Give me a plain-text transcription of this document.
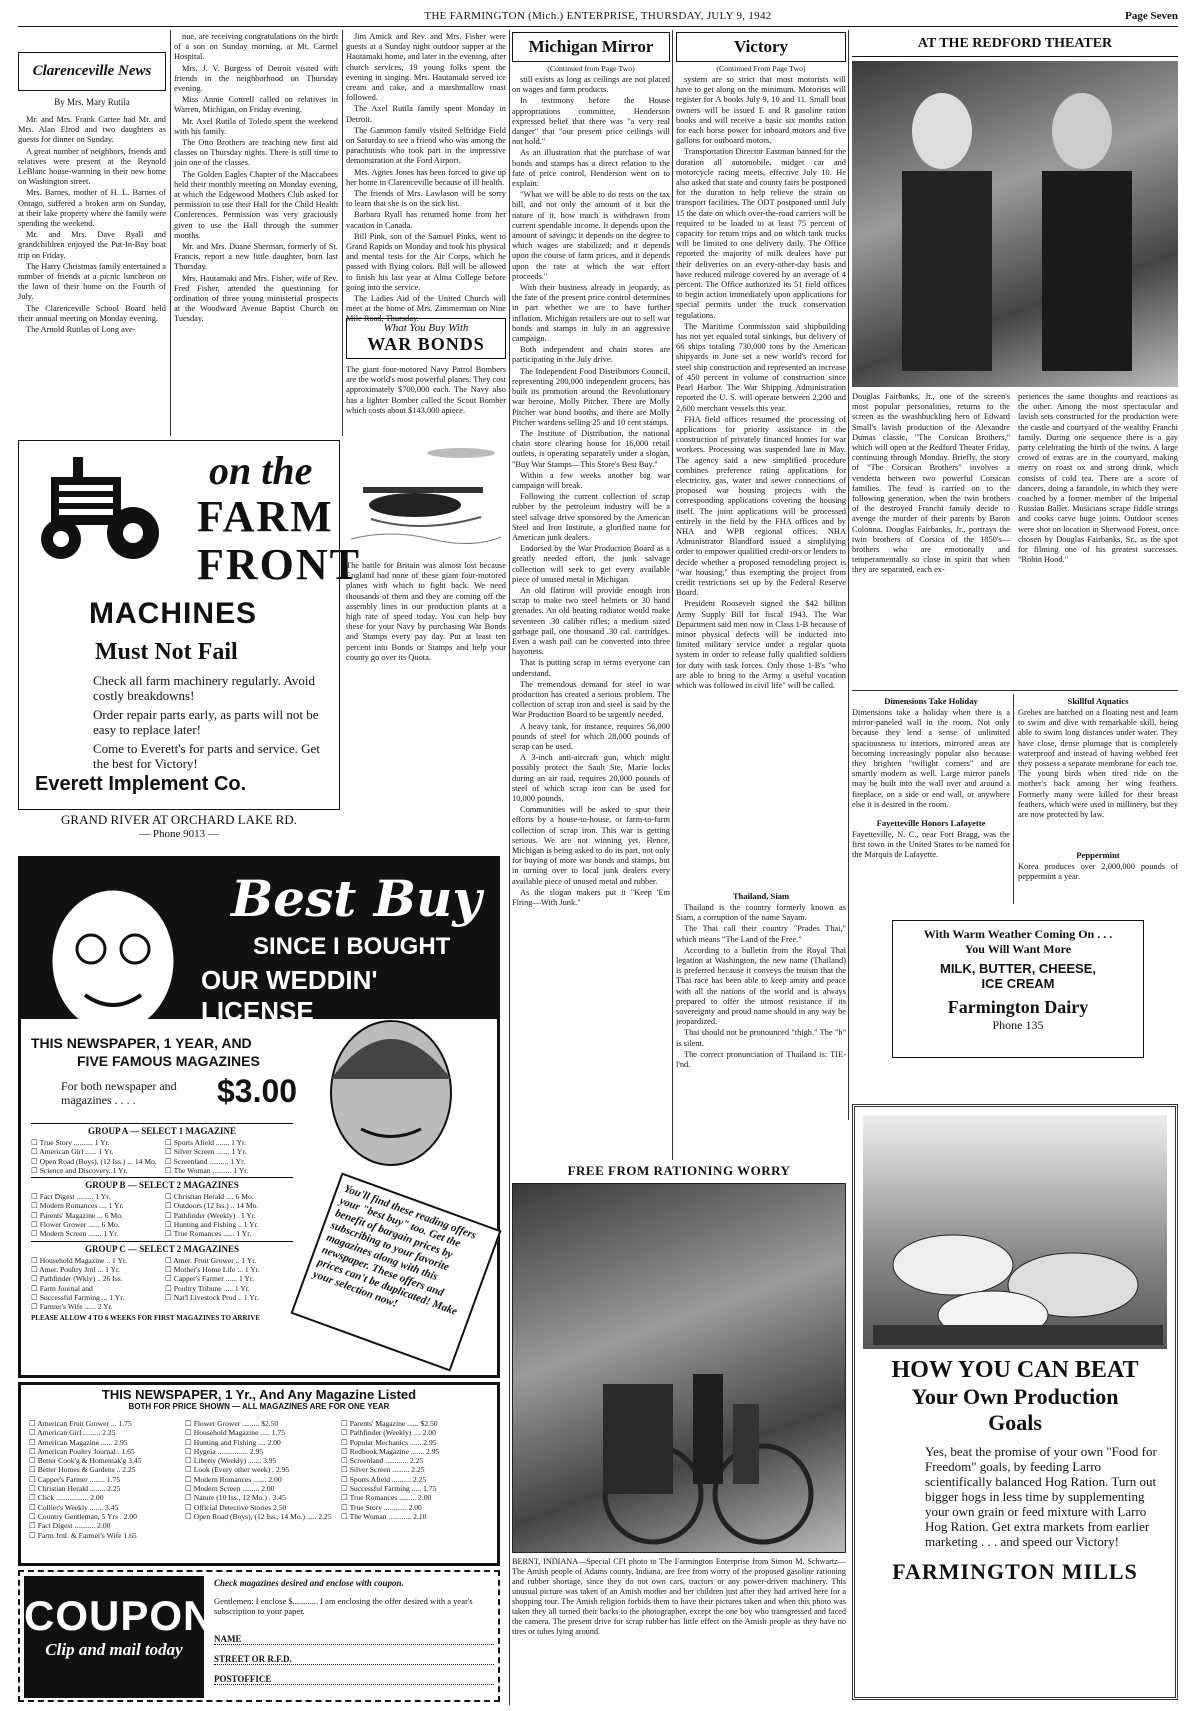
THE FARMINGTON (Mich.) ENTERPRISE, THURSDAY, JULY 9, 1942	Page Seven
Clarenceville News
By Mrs. Mary Rutila

Mr. and Mrs. Frank Cartee had Mr. and Mrs. Alan Elrod and two daughters as guests for dinner on Sunday.

A great number of neighbors, friends and relatives were present at the Reynold LeBlanc house-warming in their new home on Washington street.

Mrs. Barnes, mother of H. L. Barnes of Ontago, suffered a broken arm on Sunday, at their lake property where the family were spending the weekend.

Mr. and Mrs. Dave Ryall and grandchildren enjoyed the Put-In-Bay boat trip on Friday.

The Harry Christmas family entertained a number of friends at a picnic luncheon on the lawn of their home on the Fourth of July.

The Clarenceville School Board held their annual meeting on Monday evening.

The Arnold Rutilas of Long ave-

nue, are receiving congratulations on the birth of a son on Sunday morning, at Mt. Carmel Hospital.

Mrs. J. V. Burgess of Detroit visited with friends in the neighborhood on Thursday evening.

Miss Annie Cottrell called on relatives in Warren, Michigan, on Friday evening.

Mr. Axel Rutila of Toledo spent the weekend with his family.

The Otto Brothers are teaching new first aid classes on Thursday nights. There is still time to join one of the classes.

The Golden Eagles Chapter of the Maccabees held their monthly meeting on Monday evening, at which the Edgewood Mothers Club asked for permission to use their Hall for the Child Health Conferences. Permission was very graciously given to use the Hall through the summer months.

Mr. and Mrs. Duane Sherman, formerly of St. Francis, report a new little daughter, born last Thursday.

Mrs. Hautamaki and Mrs. Fisher, wife of Rev. Fred Fisher, attended the questioning for ordination of three young ministerial prospects at the Woodward Avenue Baptist Church on Tuesday.

Jim Amick and Rev. and Mrs. Fisher were guests at a Sunday night outdoor supper at the Hautamaki home, and later in the evening, after church services, 19 young folks spent the evening in singing. Mrs. Hautamaki served ice cream and cake, and a marshmallow roast followed.

The Axel Rutila family spent Monday in Detroit.

The Gammon family visited Selfridge Field on Saturday to see a friend who was among the parachutists who took part in the impressive demonstration at the Ford Airport.

Mrs. Agnes Jones has been forced to give up her home in Clarenceville because of ill health.

The friends of Mrs. Lawlason will be sorry to learn that she is on the sick list.

Barbara Ryall has returned home from her vacation in Canada.

Bill Pink, son of the Samuel Pinks, went to Grand Rapids on Monday and took his physical and mental tests for the Air Corps, which he passed with flying colors. Bill will be allowed to finish his last year at Alma College before going into the service.

The Ladies Aid of the United Church will meet at the home of Mrs. Zimmerman on Nine Mile Road, Thursday.

on the
FARM
FRONT
MACHINES
Must Not Fail
Check all farm machinery regularly. Avoid costly breakdowns!
Order repair parts early, as parts will not be easy to replace later!
Come to Everett's for parts and service. Get the best for Victory!
Everett Implement Co.
GRAND RIVER AT ORCHARD LAKE RD.
— Phone 9013 —
What You Buy With
WAR BONDS
The giant four-motored Navy Patrol Bombers are the world's most powerful planes. They cost approximately $700,000 each. The Navy also has a lighter Bomber called the Scout Bomber which costs about $143,000 apiece.
The battle for Britain was almost lost because England had none of these giant four-motored planes with which to fight back. We need thousands of them and they are coming off the assembly lines in our production plants at a high rate of speed today. You can help buy these for your Navy by purchasing War Bonds and Stamps every pay day. Put at least ten percent into Bonds or Stamps and help your county go over its Quota.
Michigan Mirror
(Continued from Page Two)

still exists as long as ceilings are not placed on wages and farm products.

In testimony before the House appropriations committee, Henderson expressed belief that there was "a very real danger" that "our present price ceilings will not hold."

As an illustration that the purchase of war bonds and stamps has a direct relation to the fate of price control, Henderson went on to explain:

"What we will be able to do rests on the tax bill, and not only the amount of it but the nature of it, how much is withdrawn from current spendable income. It depends upon the amount of savings; it depends on the degree to which wages are stabilized; and it depends upon the course of farm prices, and it depends upon the rate at which the war effort proceeds."

With their business already in jeopardy, as the fate of the present price control determines in part whether we are to have further inflation, Michigan retailers are out to sell war bonds and stamps in July in an aggressive campaign.

Both independent and chain stores are participating in the July drive.

The Independent Food Distributors Council, representing 200,000 independent grocers, has built its promotion around the Revolutionary war heroine, Molly Pitcher. There are Molly Pitcher war bond booths, and there are Molly Pitcher wardens selling 25 and 10 cent stamps.

The Institute of Distribution, the national chain store clearing house for 16,000 retail outlets, is operating separately under a slogan, "Buy War Stamps—This Store's Best Buy."

Within a few weeks another big war campaign will break.

Following the current collection of scrap rubber by the petroleum industry will be a steel salvage drive sponsored by the American Steel and Iron Institute, a glorified name for American junk dealers.

Endorsed by the War Production Board as a greatly needed effort, the junk salvage collection will seek to get every available piece of unused metal in Michigan.

An old flatiron will provide enough iron scrap to make two steel helmets or 30 hand grenades. An old heating radiator would make seventeen .30 caliber rifles; a medium sized garbage pail, one thousand .30 cal. cartridges. Even a wash pail can be converted into three bayonets.

That is putting scrap in terms everyone can understand.

The tremendous demand for steel in war production has created a serious problem. The collection of scrap iron and steel is said by the War Production Board to be urgently needed.

A heavy tank, for instance, requires 56,000 pounds of steel for which 28,000 pounds of scrap can be used.

A 3-inch anti-aircraft gun, which might possibly protect the Sault Ste. Marie locks during an air raid, requires 20,000 pounds of steel of which scrap iron can be used for 10,000 pounds.

Communities will be asked to spur their efforts by a house-to-house, or farm-to-farm collection of scrap iron. This war is getting serious. We are not winning yet. Hence, Michigan is being asked to do its part, not only for buying of more war bonds and stamps, but in turning over to local junk dealers every available piece of unused metal and rubber.

As the slogan makers put it "Keep 'Em Firing—With Junk."

Victory
(Continued From Page Two)

system are so strict that most motorists will have to get along on the minimum. Motorists will register for A books July 9, 10 and 11. Small boat owners will be issued E and R gasoline ration books and will receive a basic six months ration for each horse power for inboard motors and five gallons for outboard motors.

Transportation Director Eastman banned for the duration all automobile, midget car and motorcycle racing meets, effective July 10. He also asked that state and county fairs be postponed for the duration to help relieve the strain on transport facilities. The ODT postponed until July 15 the date on which over-the-road carriers will be required to be loaded to at least 75 percent of capacity for return trips and on which tank trucks will be limited to one delivery daily. The Office reported the majority of milk dealers have put their deliveries on an every-other-day basis and have reduced mileage covered by an average of 4 percent. The Office authorized its 51 field offices to begin action immediately upon applications for special permits under the truck conservation regulations.

The Maritime Commission said shipbuilding has not yet equaled total sinkings, but delivery of 66 ships totaling 730,000 tons by the American shipyards in June set a new world's record for steel ship construction and represented an increase of 450 percent in volume of construction since Pearl Harbor. The War Shipping Administration reported the U. S. will operate between 2,200 and 2,600 merchant vessels this year.

FHA field offices resumed the processing of applications for priority assistance in the construction of privately financed homes for war workers. Processing was suspended late in May. The agency said a new simplified procedure combines preference rating applications for electricity, gas, water and sewer connections of proposed war housing projects with the corresponding applications covering the housing itself. The joint applications will be processed entirely in the field by the FHA offices and by NHA and WPB regional offices. NHA Administrator Blandford issued a simplifying order to empower qualified credit-ors or lenders to decide whether a proposed remodeling project is "war housing," thus exempting the project from credit restrictions set up by the Federal Reserve Board.

President Roosevelt signed the $42 billion Army Supply Bill for fiscal 1943. The War Department said men now in Class 1-B because of minor physical defects will be inducted into limited military service under a regular quota system in order to release fully qualified soldiers for duty with task forces. Only those 1-B's "who are able to bring to the Army a useful vocation which was followed in civil life" will be called.

Thailand, Siam

Thailand is the country formerly known as Siam, a corruption of the name Sayam.

The Thai call their country "Prades Thai," which means "The Land of the Free."

According to a bulletin from the Royal Thai legation at Washington, the new name (Thailand) is preferred because it conveys the truism that the Thai race has been able to keep amity and peace with all the nations of the world and is always prepared to offer the utmost resistance if its sovereignty and proud name should in any way be jeopardized.

Thai should not be pronounced "thigh." The "h" is silent.

The correct pronunciation of Thailand is: TIE-l'nd.

FREE FROM RATIONING WORRY
BERNT, INDIANA—Special CFI photo to The Farmington Enterprise from Simon M. Schwartz—The Amish people of Adams county, Indiana, are free from worry of the proposed gasoline rationing and rubber shortage, since they do not own cars, tractors or any power-driven machinery. This unusual picture was taken of an Amish mother and her children just after they had arrived here for a shopping tour. The Amish religion forbids them to have their pictures taken and when this photo was taken they all turned their backs to the photographer, except the one boy who transgressed and faced the camera. The present drive for scrap rubber has little effect on the Amish people as they have no tires or tubes lying around.
AT THE REDFORD THEATER
Douglas Fairbanks, Jr., one of the screen's most popular personalities, returns to the screen as the swashbuckling hero of Edward Small's lavish production of the Alexandre Dumas classic, "The Corsican Brothers," which will open at the Redford Theater Friday, continuing through Monday. Briefly, the story of "The Corsican Brothers" involves a vendetta between two powerful Corsican families. The feud is carried on to the following generation, when the twin brothers of the destroyed Franchi family decide to avenge the murder of their parents by Baron Colonna. Douglas Fairbanks, Jr., portrays the twin brothers of Corsica of the 1850's—brothers who are emotionally and temperamentally so close in spirit that when they are separated, each ex-
periences the same thoughts and reactions as the other. Among the most spectacular and lavish sets constructed for the production were the castle and courtyard of the wealthy Franchi family. During one sequence there is a gay party celebrating the birth of the twins. A large crowd of extras are in the courtyard, making merry on roast ox and strong drink, which consists of cold tea. There are a score of dancers, doing a farandole, in which they were coached by a former member of the Imperial Russian Ballet. Musicians scrape fiddle strings and cooks carve huge joints. Outdoor scenes were shot on location in Sherwood Forest, once chosen by Douglas Fairbanks, Sr., as the spot for filming one of his greatest successes. "Robin Hood."
Dimensions Take Holiday
Dimensions take a holiday when there is a mirror-paneled wall in the room. Not only because they lend a sense of unlimited spaciousness to interiors, mirrored areas are becoming increasingly popular also because they brighten "twilight corners" and are smartly modern as well. Large mirror panels may be built into the wall over and around a fireplace, on a side or end wall, or anywhere else it is desired in the room.
Fayetteville Honors Lafayette
Fayetteville, N. C., near Fort Bragg, was the first town in the United States to be named for the Marquis de Lafayette.
Skillful Aquatics
Grebes are hatched on a floating nest and learn to swim and dive with remarkable skill, being able to swim long distances under water. They have close, dense plumage that is completely waterproof and instead of having webbed feet they possess a separate membrane for each toe. The young birds when tired ride on the mother's back among her wing feathers. Formerly many were killed for their breast feathers, which were used in millinery, but they are now protected by law.
Peppermint
Korea produces over 2,000,000 pounds of peppermint a year.
With Warm Weather Coming On . . .
You Will Want More
MILK, BUTTER, CHEESE,
ICE CREAM
Farmington Dairy
Phone 135
HOW YOU CAN BEAT
Your Own Production
Goals
Yes, beat the promise of your own "Food for Freedom" goals, by feeding Larro scientifically balanced Hog Ration. Turn out bigger hogs in less time by supplementing your own grain or feed mixture with Larro Hog Ration. Get extra markets from earlier marketing . . . and speed our Victory!
FARMINGTON MILLS
Best Buy
SINCE I BOUGHT
OUR WEDDIN' LICENSE
THIS NEWSPAPER, 1 YEAR, AND
FIVE FAMOUS MAGAZINES
For both newspaper and magazines . . . .	$3.00
GROUP A — SELECT 1 MAGAZINE
☐ True Story .......... 1 Yr.
☐ American Girl ...... 1 Yr.
☐ Open Road (Boys), (12 Iss.) ... 14 Mo.
☐ Science and Discovery..1 Yr.
☐ Sports Afield ....... 1 Yr.
☐ Silver Screen ....... 1 Yr.
☐ Screenland .......... 1 Yr.
☐ The Woman .......... 1 Yr.
GROUP B — SELECT 2 MAGAZINES
☐ Fact Digest ......... 1 Yr.
☐ Modern Romances .... 1 Yr.
☐ Parents' Magazine ... 6 Mo.
☐ Flower Grower ...... 6 Mo.
☐ Modern Screen ....... 1 Yr.
☐ Christian Herald .... 6 Mo.
☐ Outdoors (12 Iss.) .. 14 Mo.
☐ Pathfinder (Weekly) . 1 Yr.
☐ Hunting and Fishing .. 1 Yr.
☐ True Romances ...... 1 Yr.
GROUP C — SELECT 2 MAGAZINES
☐ Household Magazine .. 1 Yr.
☐ Amer. Poultry Jrnl ... 1 Yr.
☐ Pathfinder (Wkly) .. 26 Iss.
☐ Farm Journal and
☐ Successful Farming ... 1 Yr.
☐ Farmer's Wife ...... 2 Yr.
☐ Amer. Fruit Grower .. 1 Yr.
☐ Mother's Home Life ... 1 Yr.
☐ Capper's Farmer ...... 1 Yr.
☐ Poultry Tribune ..... 1 Yr.
☐ Nat'l Livestock Prod .. 1 Yr.
PLEASE ALLOW 4 TO 6 WEEKS FOR FIRST MAGAZINES TO ARRIVE
You'll find these reading offers your "best buy" too. Get the benefit of bargain prices by subscribing to your favorite magazines along with this newspaper. These offers and prices can't be duplicated! Make your selection now!
THIS NEWSPAPER, 1 Yr., And Any Magazine Listed
BOTH FOR PRICE SHOWN — ALL MAGAZINES ARE FOR ONE YEAR
☐ American Fruit Grower ... 1.75
☐ American Girl ......... 2.25
☐ American Magazine ...... 2.95
☐ American Poultry Journal . 1.65
☐ Better Cook'g & Homemak'g 3.45
☐ Better Homes & Gardens .. 2.25
☐ Capper's Farmer ........ 1.75
☐ Christian Herald ........ 2.25
☐ Click ................. 2.00
☐ Collier's Weekly ....... 3.45
☐ Country Gentleman, 5 Yrs . 2.00
☐ Fact Digest ........... 2.00
☐ Farm Jrnl. & Farmer's Wife 1.65
☐ Flower Grower ......... $2.50
☐ Household Magazine ..... 1.75
☐ Hunting and Fishing .... 2.00
☐ Hygeia ................ 2.95
☐ Liberty (Weekly) ....... 3.95
☐ Look (Every other week) . 2.95
☐ Modern Romances ....... 2.00
☐ Modern Screen ......... 2.00
☐ Nature (10 Iss., 12 Mo.) . 3.45
☐ Official Detective Stories 2.50
☐ Open Road (Boys), (12 Iss., 14 Mo.) ..... 2.25
☐ Parents' Magazine ...... $2.50
☐ Pathfinder (Weekly) .... 2.00
☐ Popular Mechanics ...... 2.95
☐ Redbook Magazine ....... 2.95
☐ Screenland ............ 2.25
☐ Silver Screen ......... 2.25
☐ Sports Afield .......... 2.25
☐ Successful Farming ..... 1.75
☐ True Romances ......... 2.00
☐ True Story ............ 2.00
☐ The Woman ............ 2.10
COUPON
Clip and mail today
Check magazines desired and enclose with coupon.
Gentlemen: I enclose $............ I am enclosing the offer desired with a year's subscription to your paper.
NAME
STREET OR R.F.D.
POSTOFFICE
